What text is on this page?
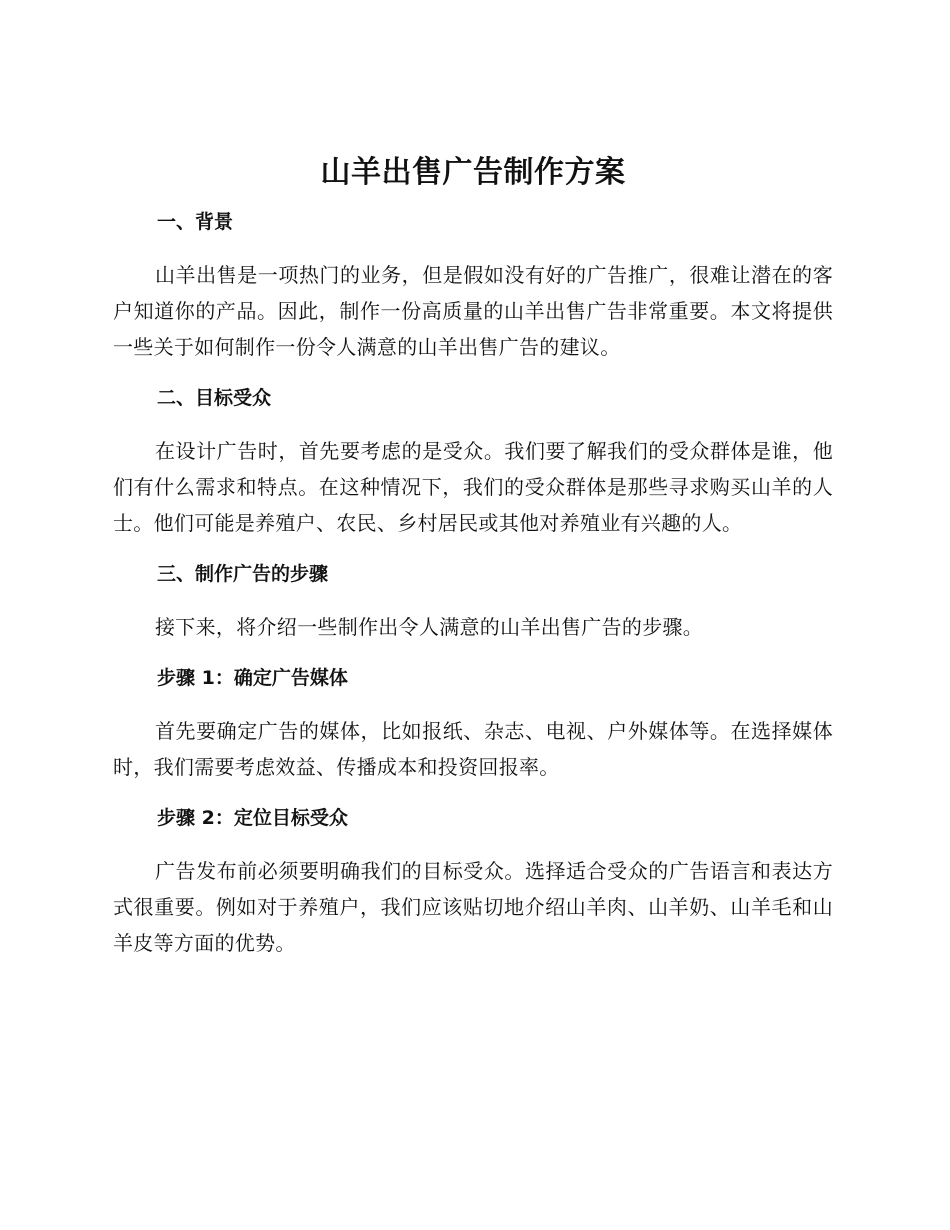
山羊出售广告制作方案
一、背景

山羊出售是一项热门的业务，但是假如没有好的广告推广，很难让潜在的客户知道你的产品。因此，制作一份高质量的山羊出售广告非常重要。本文将提供一些关于如何制作一份令人满意的山羊出售广告的建议。

二、目标受众

在设计广告时，首先要考虑的是受众。我们要了解我们的受众群体是谁，他们有什么需求和特点。在这种情况下，我们的受众群体是那些寻求购买山羊的人士。他们可能是养殖户、农民、乡村居民或其他对养殖业有兴趣的人。

三、制作广告的步骤

接下来，将介绍一些制作出令人满意的山羊出售广告的步骤。

步骤 1：确定广告媒体

首先要确定广告的媒体，比如报纸、杂志、电视、户外媒体等。在选择媒体时，我们需要考虑效益、传播成本和投资回报率。

步骤 2：定位目标受众

广告发布前必须要明确我们的目标受众。选择适合受众的广告语言和表达方式很重要。例如对于养殖户，我们应该贴切地介绍山羊肉、山羊奶、山羊毛和山羊皮等方面的优势。
